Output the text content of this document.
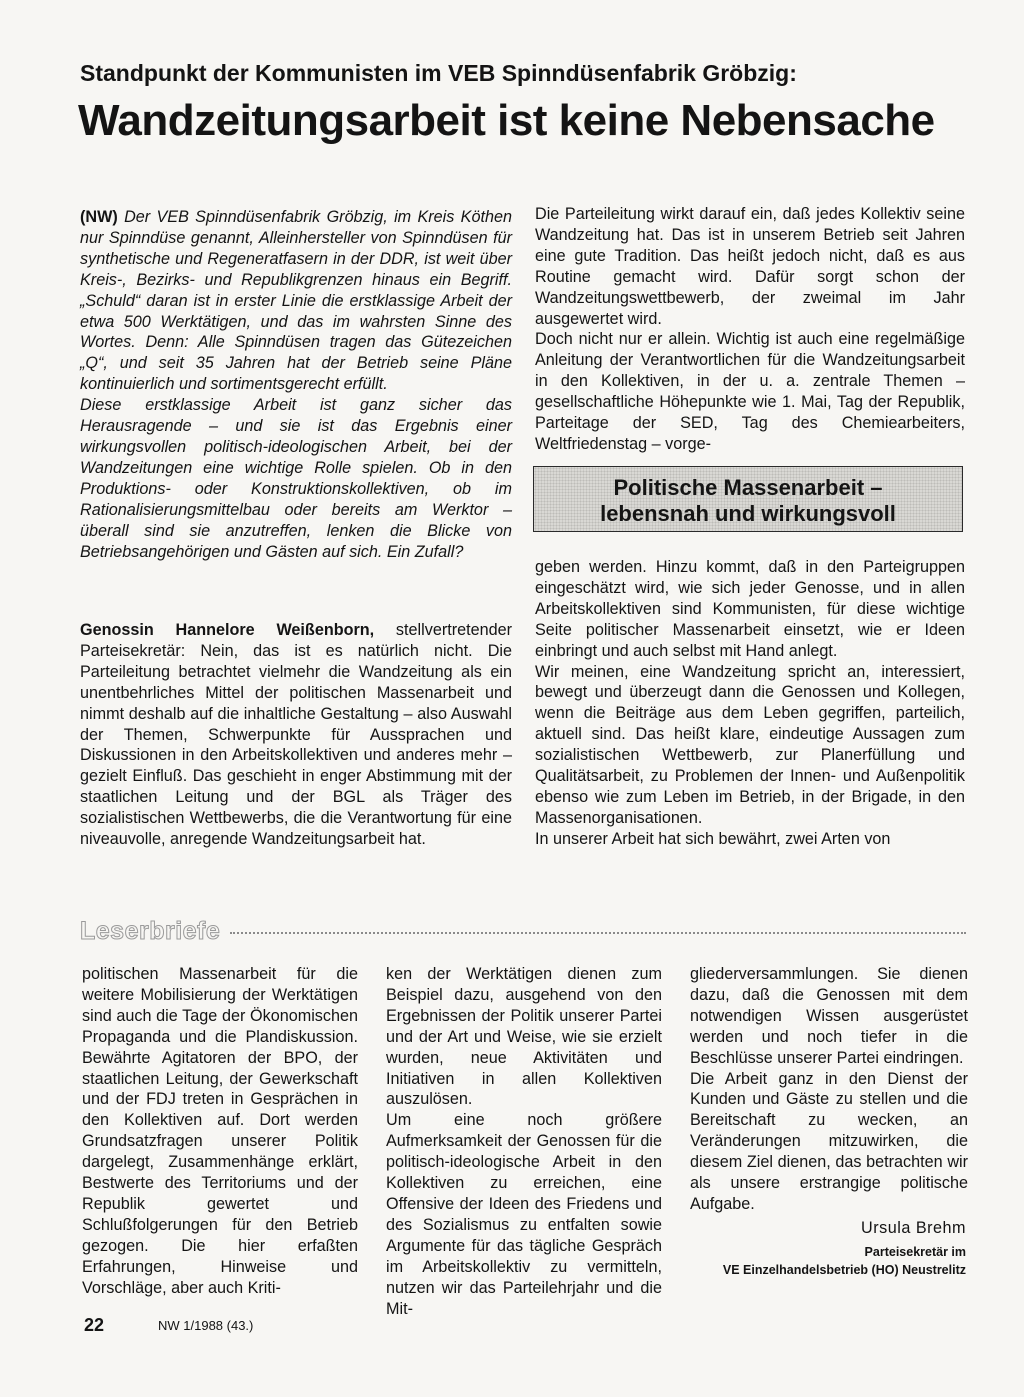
Standpunkt der Kommunisten im VEB Spinndüsenfabrik Gröbzig:
Wandzeitungsarbeit ist keine Nebensache

(NW) Der VEB Spinndüsenfabrik Gröbzig, im Kreis Köthen nur Spinndüse genannt, Alleinhersteller von Spinndüsen für synthetische und Regeneratfasern in der DDR, ist weit über Kreis-, Bezirks- und Republikgrenzen hinaus ein Begriff. „Schuld“ daran ist in erster Linie die erstklassige Arbeit der etwa 500 Werktätigen, und das im wahrsten Sinne des Wortes. Denn: Alle Spinndüsen tragen das Gütezeichen „Q“, und seit 35 Jahren hat der Betrieb seine Pläne kontinuierlich und sortimentsgerecht erfüllt.

Diese erstklassige Arbeit ist ganz sicher das Herausragende – und sie ist das Ergebnis einer wirkungsvollen politisch-ideologischen Arbeit, bei der Wandzeitungen eine wichtige Rolle spielen. Ob in den Produktions- oder Konstruktionskollektiven, ob im Rationalisierungsmittelbau oder bereits am Werktor – überall sind sie anzutreffen, lenken die Blicke von Betriebsangehörigen und Gästen auf sich. Ein Zufall?

Genossin Hannelore Weißenborn, stellvertretender Parteisekretär: Nein, das ist es natürlich nicht. Die Parteileitung betrachtet vielmehr die Wandzeitung als ein unentbehrliches Mittel der politischen Massenarbeit und nimmt deshalb auf die inhaltliche Gestaltung – also Auswahl der Themen, Schwerpunkte für Aussprachen und Diskussionen in den Arbeitskollektiven und anderes mehr – gezielt Einfluß. Das geschieht in enger Abstimmung mit der staatlichen Leitung und der BGL als Träger des sozialistischen Wettbewerbs, die die Verantwortung für eine niveauvolle, anregende Wandzeitungsarbeit hat.

Die Parteileitung wirkt darauf ein, daß jedes Kollektiv seine Wandzeitung hat. Das ist in unserem Betrieb seit Jahren eine gute Tradition. Das heißt jedoch nicht, daß es aus Routine gemacht wird. Dafür sorgt schon der Wandzeitungswettbewerb, der zweimal im Jahr ausgewertet wird.

Doch nicht nur er allein. Wichtig ist auch eine regelmäßige Anleitung der Verantwortlichen für die Wandzeitungsarbeit in den Kollektiven, in der u. a. zentrale Themen – gesellschaftliche Höhepunkte wie 1. Mai, Tag der Republik, Parteitage der SED, Tag des Chemiearbeiters, Weltfriedenstag – vorge-

Politische Massenarbeit –
lebensnah und wirkungsvoll

geben werden. Hinzu kommt, daß in den Parteigruppen eingeschätzt wird, wie sich jeder Genosse, und in allen Arbeitskollektiven sind Kommunisten, für diese wichtige Seite politischer Massenarbeit einsetzt, wie er Ideen einbringt und auch selbst mit Hand anlegt.

Wir meinen, eine Wandzeitung spricht an, interessiert, bewegt und überzeugt dann die Genossen und Kollegen, wenn die Beiträge aus dem Leben gegriffen, parteilich, aktuell sind. Das heißt klare, eindeutige Aussagen zum sozialistischen Wettbewerb, zur Planerfüllung und Qualitätsarbeit, zu Problemen der Innen- und Außenpolitik ebenso wie zum Leben im Betrieb, in der Brigade, in den Massenorganisationen.

In unserer Arbeit hat sich bewährt, zwei Arten von

Leserbriefe

politischen Massenarbeit für die weitere Mobilisierung der Werktätigen sind auch die Tage der Ökonomischen Propaganda und die Plandiskussion. Bewährte Agitatoren der BPO, der staatlichen Leitung, der Gewerkschaft und der FDJ treten in Gesprächen in den Kollektiven auf. Dort werden Grundsatzfragen unserer Politik dargelegt, Zusammenhänge erklärt, Bestwerte des Territoriums und der Republik gewertet und Schlußfolgerungen für den Betrieb gezogen. Die hier erfaßten Erfahrungen, Hinweise und Vorschläge, aber auch Kriti-

ken der Werktätigen dienen zum Beispiel dazu, ausgehend von den Ergebnissen der Politik unserer Partei und der Art und Weise, wie sie erzielt wurden, neue Aktivitäten und Initiativen in allen Kollektiven auszulösen.

Um eine noch größere Aufmerksamkeit der Genossen für die politisch-ideologische Arbeit in den Kollektiven zu erreichen, eine Offensive der Ideen des Friedens und des Sozialismus zu entfalten sowie Argumente für das tägliche Gespräch im Arbeitskollektiv zu vermitteln, nutzen wir das Parteilehrjahr und die Mit-

gliederversammlungen. Sie dienen dazu, daß die Genossen mit dem notwendigen Wissen ausgerüstet werden und noch tiefer in die Beschlüsse unserer Partei eindringen.

Die Arbeit ganz in den Dienst der Kunden und Gäste zu stellen und die Bereitschaft zu wecken, an Veränderungen mitzuwirken, die diesem Ziel dienen, das betrachten wir als unsere erstrangige politische Aufgabe.

Ursula Brehm
Parteisekretär im
VE Einzelhandelsbetrieb (HO) Neustrelitz
22	NW 1/1988 (43.)
